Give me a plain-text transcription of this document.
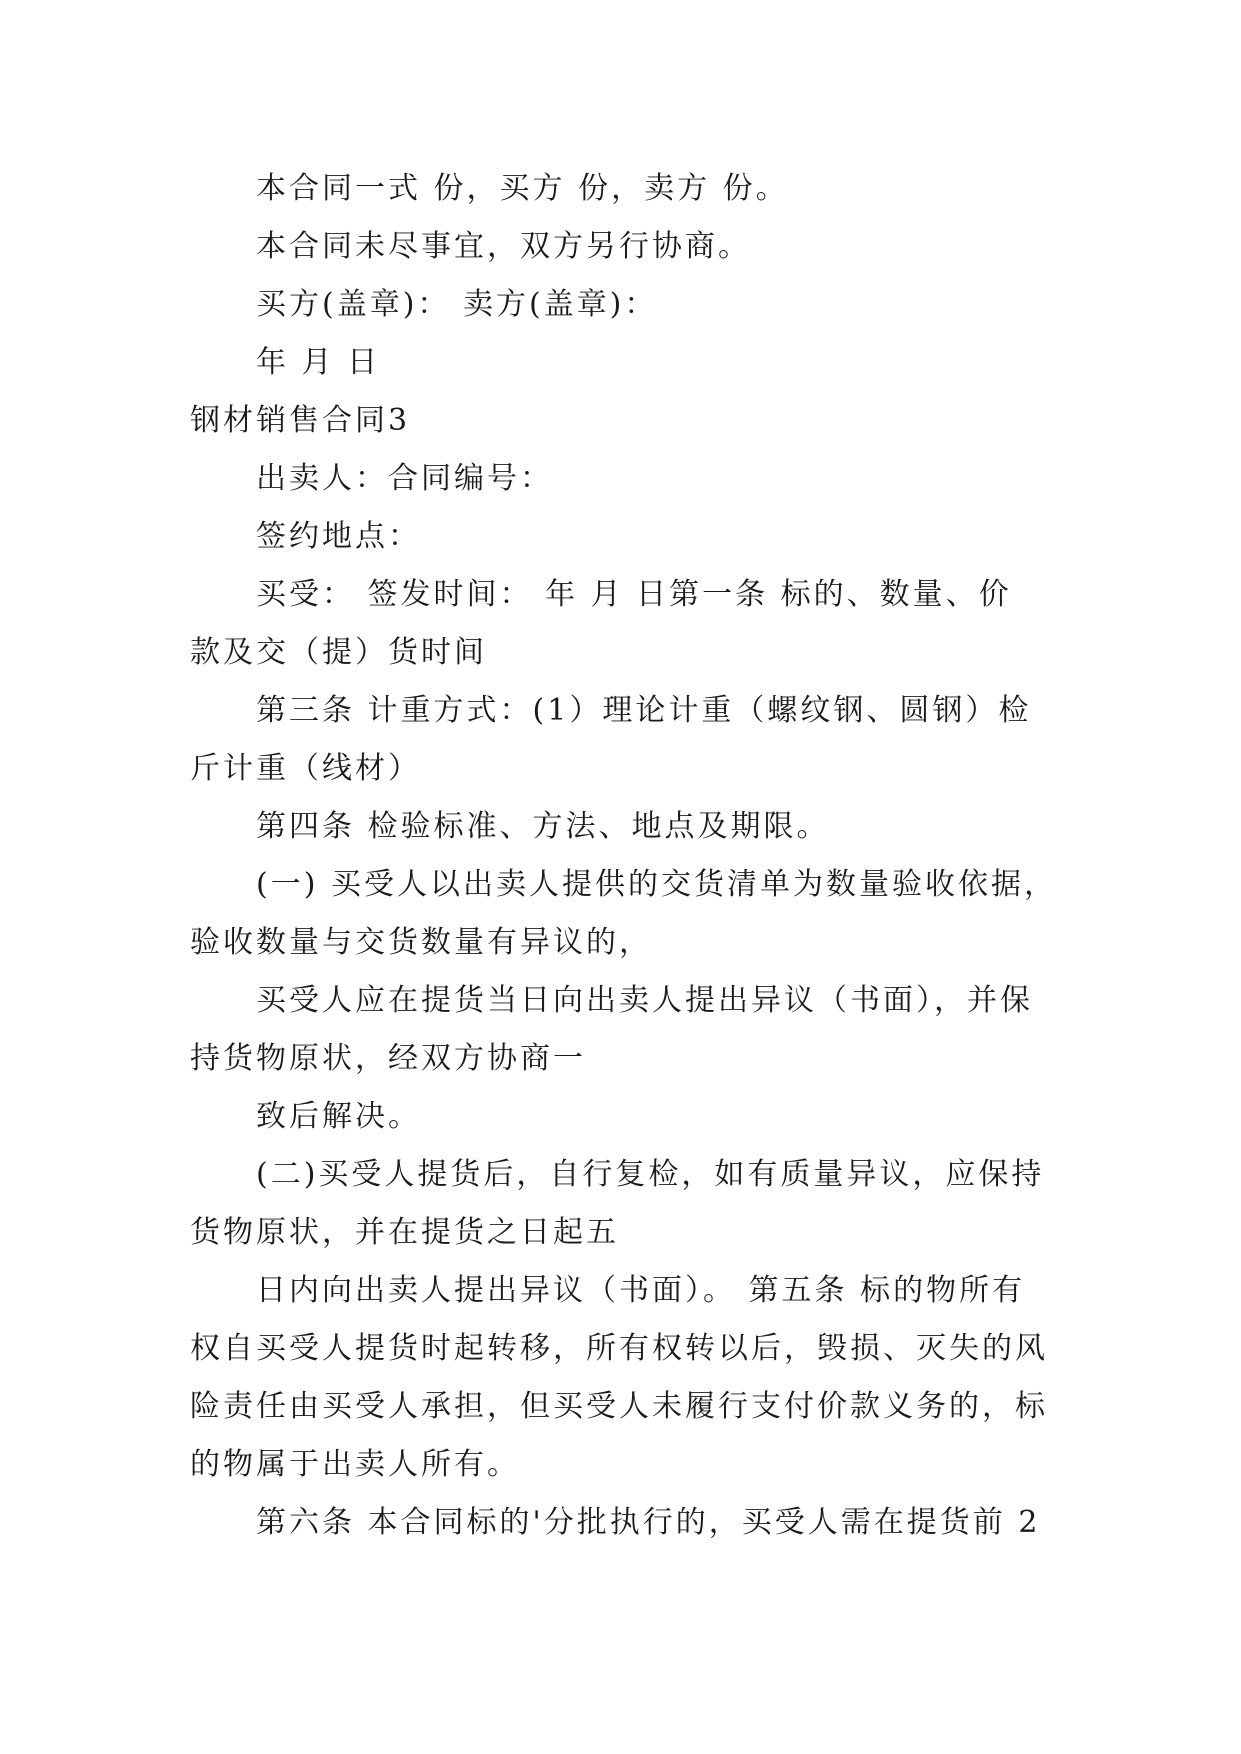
本合同一式 份，买方 份，卖方 份。
本合同未尽事宜，双方另行协商。
买方(盖章)： 卖方(盖章)：
年 月 日
钢材销售合同3
出卖人：合同编号：
签约地点：
买受： 签发时间： 年 月 日第一条 标的、数量、价
款及交（提）货时间
第三条 计重方式：(1）理论计重（螺纹钢、圆钢）检
斤计重（线材）
第四条 检验标准、方法、地点及期限。
(一) 买受人以出卖人提供的交货清单为数量验收依据，
验收数量与交货数量有异议的，
买受人应在提货当日向出卖人提出异议（书面），并保
持货物原状，经双方协商一
致后解决。
(二)买受人提货后，自行复检，如有质量异议，应保持
货物原状，并在提货之日起五
日内向出卖人提出异议（书面）。 第五条 标的物所有
权自买受人提货时起转移，所有权转以后，毁损、灭失的风
险责任由买受人承担，但买受人未履行支付价款义务的，标
的物属于出卖人所有。
第六条 本合同标的'分批执行的，买受人需在提货前 2
